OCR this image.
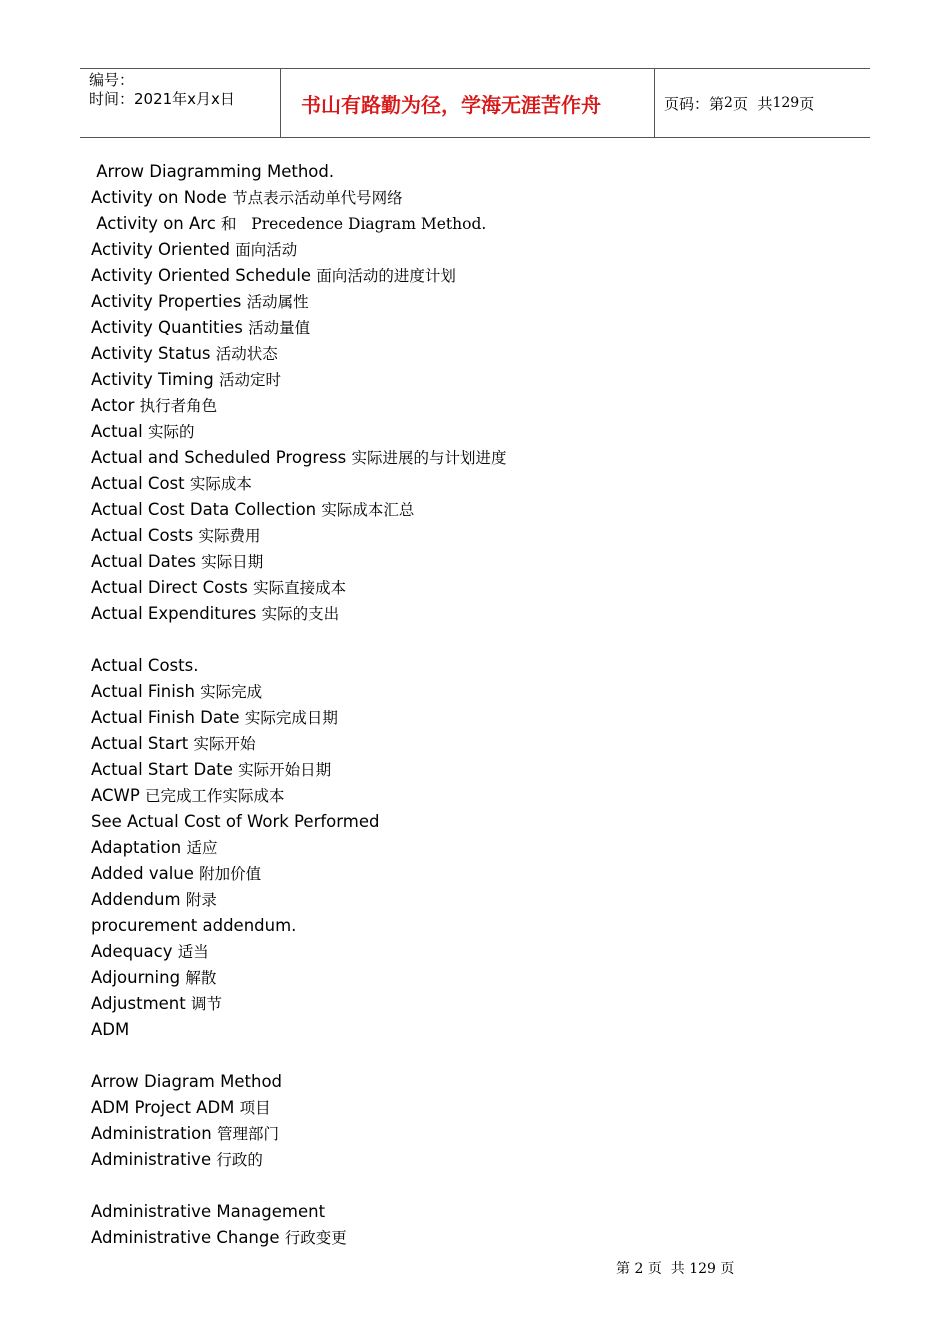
编号：
时间：2021年x月x日	书山有路勤为径，学海无涯苦作舟	页码：第 2 页  共 129 页
Arrow Diagramming Method.
Activity on Node 节点表示活动单代号网络
Activity on Arc 和   Precedence Diagram Method.
Activity Oriented 面向活动
Activity Oriented Schedule 面向活动的进度计划
Activity Properties 活动属性
Activity Quantities 活动量值
Activity Status 活动状态
Activity Timing 活动定时
Actor 执行者角色
Actual 实际的
Actual and Scheduled Progress 实际进展的与计划进度
Actual Cost 实际成本
Actual Cost Data Collection 实际成本汇总
Actual Costs 实际费用
Actual Dates 实际日期
Actual Direct Costs 实际直接成本
Actual Expenditures 实际的支出
Actual Costs.
Actual Finish 实际完成
Actual Finish Date 实际完成日期
Actual Start 实际开始
Actual Start Date 实际开始日期
ACWP 已完成工作实际成本
See Actual Cost of Work Performed
Adaptation 适应
Added value 附加价值
Addendum 附录
procurement addendum.
Adequacy 适当
Adjourning 解散
Adjustment 调节
ADM
Arrow Diagram Method
ADM Project ADM 项目
Administration 管理部门
Administrative 行政的
Administrative Management
Administrative Change 行政变更
第 2 页  共 129 页
